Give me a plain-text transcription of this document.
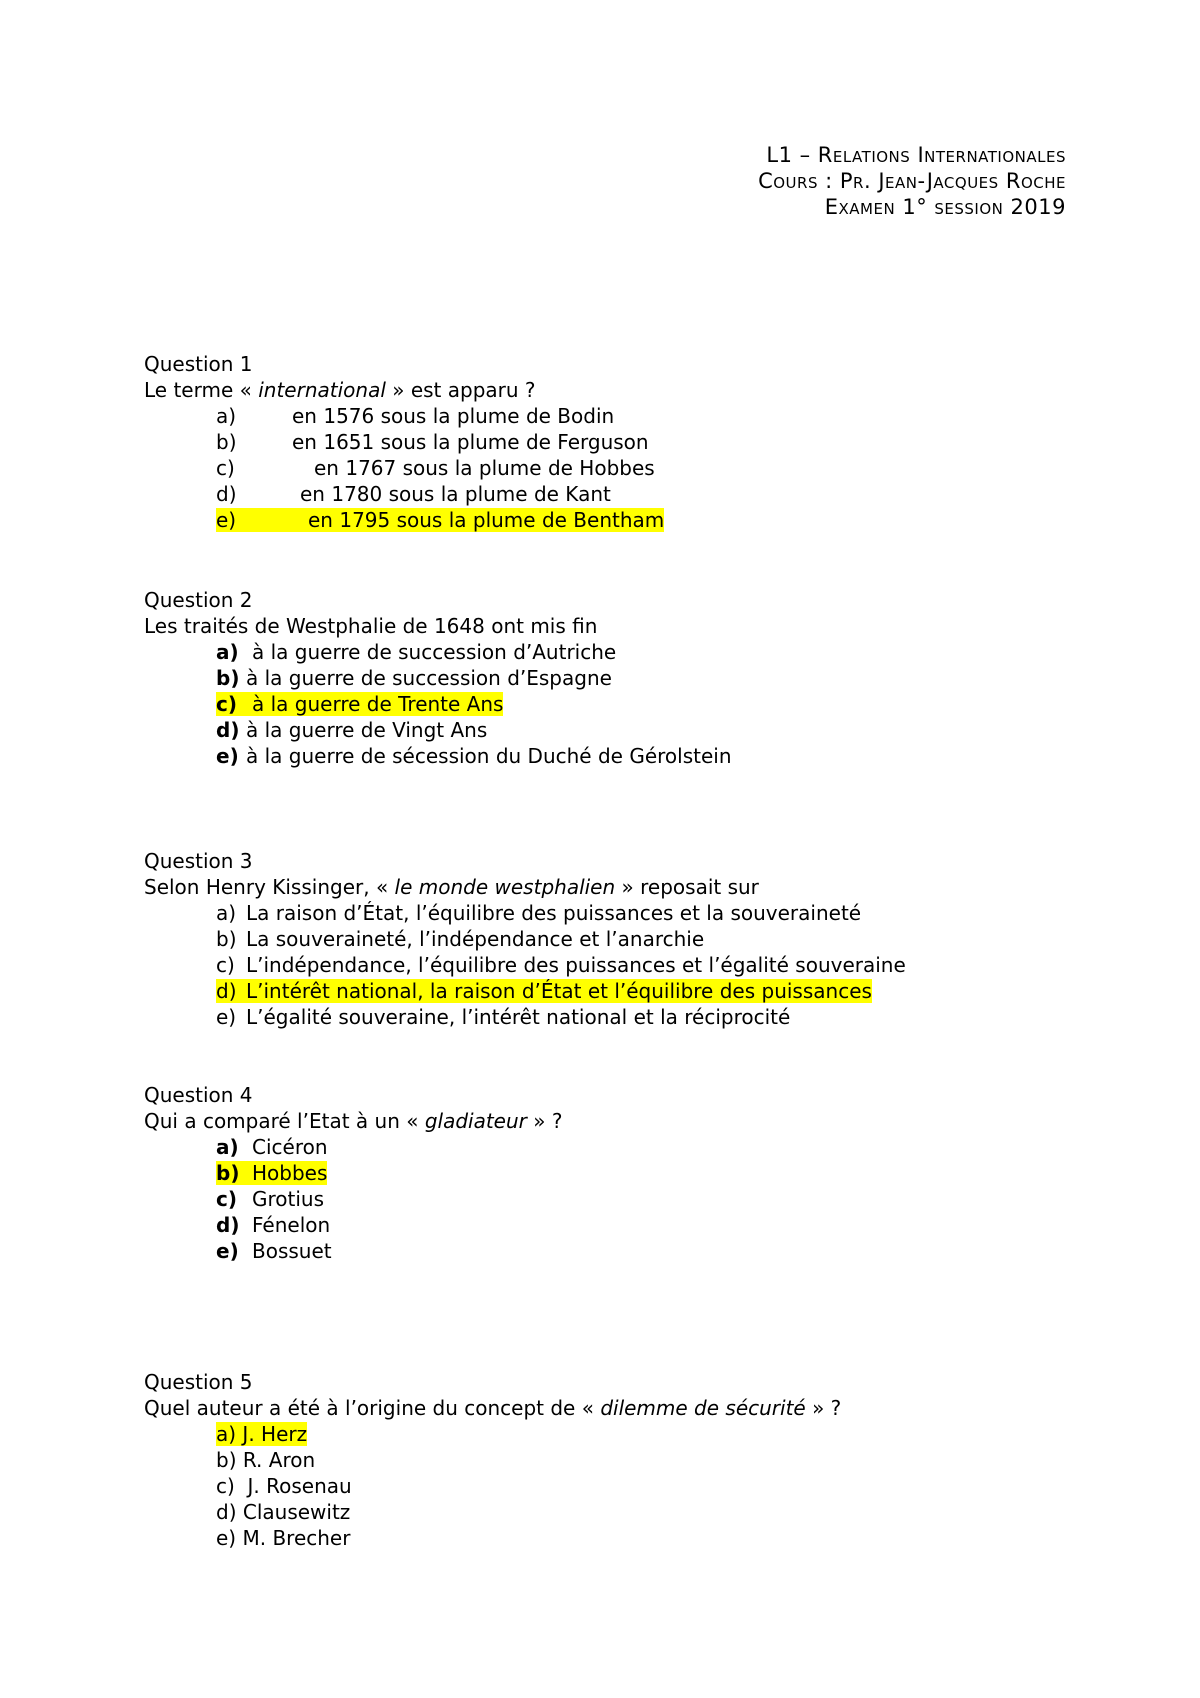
L1 – Relations Internationales
Cours : Pr. Jean-Jacques Roche
Examen 1° session 2019
Question 1
Le terme « international » est apparu ?
a)	en 1576 sous la plume de Bodin
b)	en 1651 sous la plume de Ferguson
c)	en 1767 sous la plume de Hobbes
d)	en 1780 sous la plume de Kant
e)	en 1795 sous la plume de Bentham
Question 2
Les traités de Westphalie de 1648 ont mis fin
a) à la guerre de succession d’Autriche
b) à la guerre de succession d’Espagne
c) à la guerre de Trente Ans
d) à la guerre de Vingt Ans
e) à la guerre de sécession du Duché de Gérolstein
Question 3
Selon Henry Kissinger, « le monde westphalien » reposait sur
a) La raison d’État, l’équilibre des puissances et la souveraineté
b) La souveraineté, l’indépendance et l’anarchie
c) L’indépendance, l’équilibre des puissances et l’égalité souveraine
d) L’intérêt national, la raison d’État et l’équilibre des puissances
e) L’égalité souveraine, l’intérêt national et la réciprocité
Question 4
Qui a comparé l’Etat à un « gladiateur » ?
a) Cicéron
b) Hobbes
c) Grotius
d) Fénelon
e) Bossuet
Question 5
Quel auteur a été à l’origine du concept de « dilemme de sécurité » ?
a) J. Herz
b) R. Aron
c) J. Rosenau
d) Clausewitz
e) M. Brecher
